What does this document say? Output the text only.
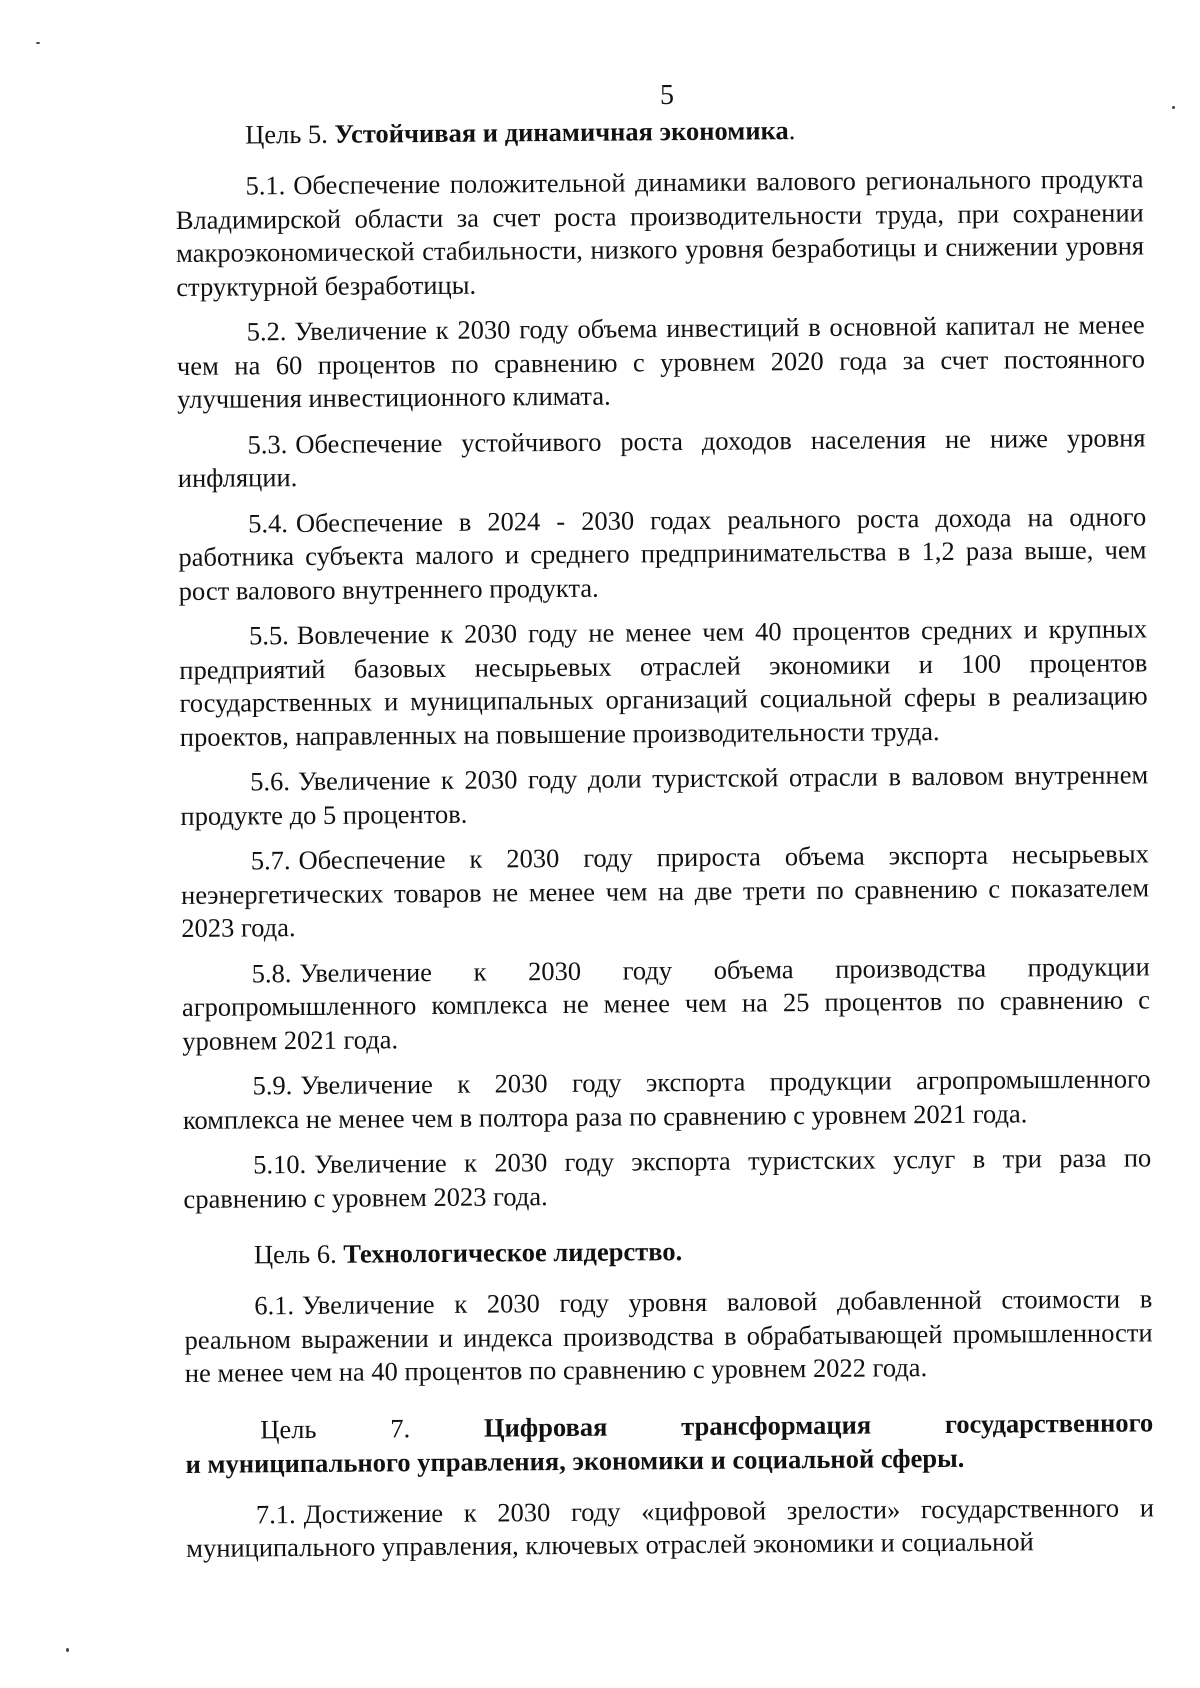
5
Цель 5. Устойчивая и динамичная экономика.

5.1. Обеспечение положительной динамики валового регионального продукта Владимирской области за счет роста производительности труда, при сохранении макроэкономической стабильности, низкого уровня безработицы и снижении уровня структурной безработицы.

5.2. Увеличение к 2030 году объема инвестиций в основной капитал не менее чем на 60 процентов по сравнению с уровнем 2020 года за счет постоянного улучшения инвестиционного климата.

5.3. Обеспечение устойчивого роста доходов населения не ниже уровня инфляции.

5.4. Обеспечение в 2024 - 2030 годах реального роста дохода на одного работника субъекта малого и среднего предпринимательства в 1,2 раза выше, чем рост валового внутреннего продукта.

5.5. Вовлечение к 2030 году не менее чем 40 процентов средних и крупных предприятий базовых несырьевых отраслей экономики и 100 процентов государственных и муниципальных организаций социальной сферы в реализацию проектов, направленных на повышение производительности труда.

5.6. Увеличение к 2030 году доли туристской отрасли в валовом внутреннем продукте до 5 процентов.

5.7. Обеспечение к 2030 году прироста объема экспорта несырьевых неэнергетических товаров не менее чем на две трети по сравнению с показателем 2023 года.

5.8. Увеличение к 2030 году объема производства продукции агропромышленного комплекса не менее чем на 25 процентов по сравнению с уровнем 2021 года.

5.9. Увеличение к 2030 году экспорта продукции агропромышленного комплекса не менее чем в полтора раза по сравнению с уровнем 2021 года.

5.10. Увеличение к 2030 году экспорта туристских услуг в три раза по сравнению с уровнем 2023 года.

Цель 6. Технологическое лидерство.

6.1. Увеличение к 2030 году уровня валовой добавленной стоимости в реальном выражении и индекса производства в обрабатывающей промышленности не менее чем на 40 процентов по сравнению с уровнем 2022 года.

Цель	7.	Цифровая	трансформация	государственного
и муниципального управления, экономики и социальной сферы.

7.1. Достижение к 2030 году «цифровой зрелости» государственного и муниципального управления, ключевых отраслей экономики и социальной
